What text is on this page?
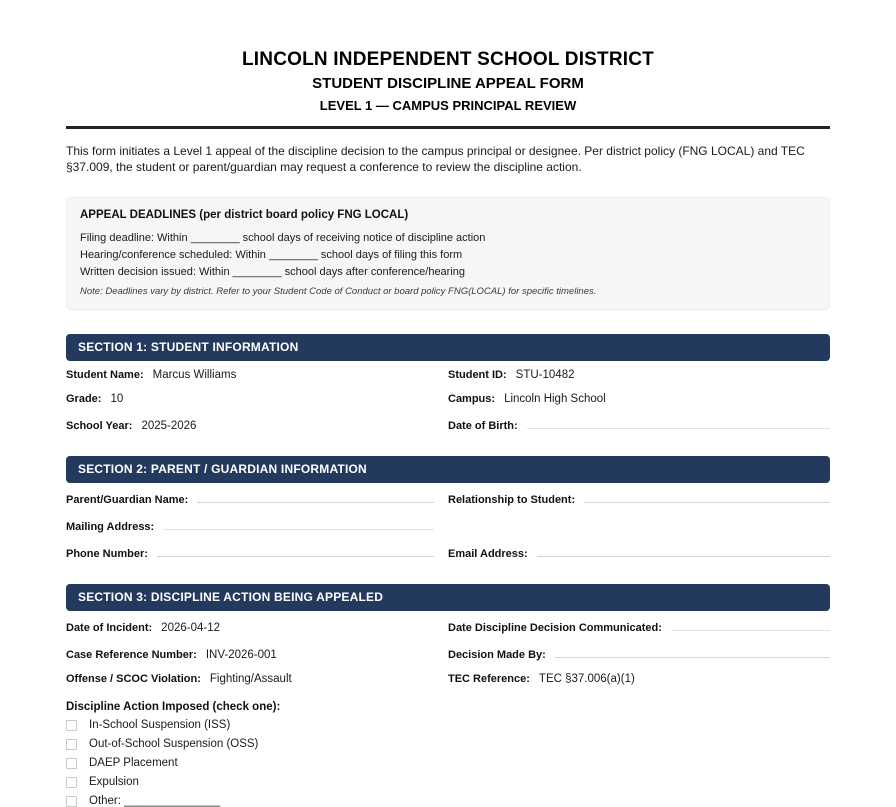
LINCOLN INDEPENDENT SCHOOL DISTRICT
STUDENT DISCIPLINE APPEAL FORM
LEVEL 1 — CAMPUS PRINCIPAL REVIEW
This form initiates a Level 1 appeal of the discipline decision to the campus principal or designee. Per district policy (FNG LOCAL) and TEC §37.009, the student or parent/guardian may request a conference to review the discipline action.
APPEAL DEADLINES (per district board policy FNG LOCAL)
Filing deadline: Within ________ school days of receiving notice of discipline action
Hearing/conference scheduled: Within ________ school days of filing this form
Written decision issued: Within ________ school days after conference/hearing
Note: Deadlines vary by district. Refer to your Student Code of Conduct or board policy FNG(LOCAL) for specific timelines.
SECTION 1: STUDENT INFORMATION
Student Name: Marcus Williams	Student ID: STU-10482
Grade: 10	Campus: Lincoln High School
School Year: 2025-2026	Date of Birth:
SECTION 2: PARENT / GUARDIAN INFORMATION
Parent/Guardian Name:	Relationship to Student:
Mailing Address:
Phone Number:	Email Address:
SECTION 3: DISCIPLINE ACTION BEING APPEALED
Date of Incident: 2026-04-12	Date Discipline Decision Communicated:
Case Reference Number: INV-2026-001	Decision Made By:
Offense / SCOC Violation: Fighting/Assault	TEC Reference: TEC §37.006(a)(1)
Discipline Action Imposed (check one):
In-School Suspension (ISS)
Out-of-School Suspension (OSS)
DAEP Placement
Expulsion
Other: _______________
